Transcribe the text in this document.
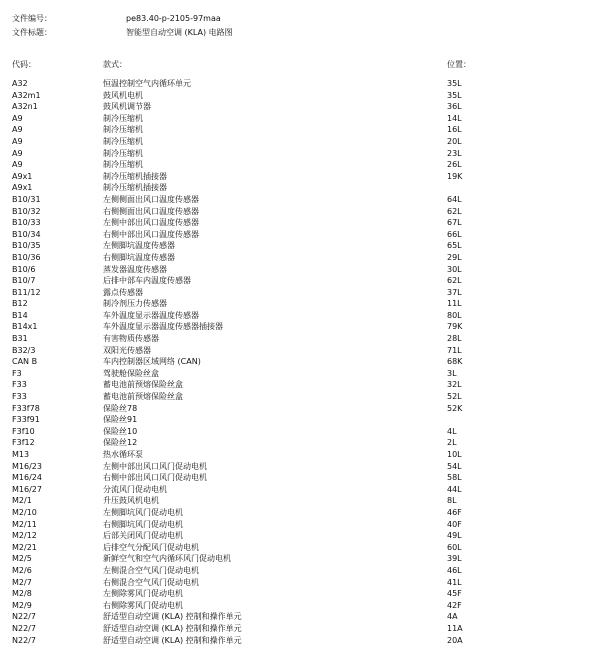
文件编号：	pe83.40-p-2105-97maa
文件标题：	智能型自动空调 (KLA) 电路图
代码：	款式：	位置：
A32	恒温控制空气内循环单元	35L
A32m1	鼓风机电机	35L
A32n1	鼓风机调节器	36L
A9	制冷压缩机	14L
A9	制冷压缩机	16L
A9	制冷压缩机	20L
A9	制冷压缩机	23L
A9	制冷压缩机	26L
A9x1	制冷压缩机插接器	19K
A9x1	制冷压缩机插接器
B10/31	左侧侧面出风口温度传感器	64L
B10/32	右侧侧面出风口温度传感器	62L
B10/33	左侧中部出风口温度传感器	67L
B10/34	右侧中部出风口温度传感器	66L
B10/35	左侧脚坑温度传感器	65L
B10/36	右侧脚坑温度传感器	29L
B10/6	蒸发器温度传感器	30L
B10/7	后排中部车内温度传感器	62L
B11/12	露点传感器	37L
B12	制冷剂压力传感器	11L
B14	车外温度显示器温度传感器	80L
B14x1	车外温度显示器温度传感器插接器	79K
B31	有害物质传感器	28L
B32/3	双阳光传感器	71L
CAN B	车内控制器区域网络 (CAN)	68K
F3	驾驶舱保险丝盒	3L
F33	蓄电池前预熔保险丝盒	32L
F33	蓄电池前预熔保险丝盒	52L
F33f78	保险丝78	52K
F33f91	保险丝91
F3f10	保险丝10	4L
F3f12	保险丝12	2L
M13	热水循环泵	10L
M16/23	左侧中部出风口风门促动电机	54L
M16/24	右侧中部出风口风门促动电机	58L
M16/27	分流风门促动电机	44L
M2/1	升压鼓风机电机	8L
M2/10	左侧脚坑风门促动电机	46F
M2/11	右侧脚坑风门促动电机	40F
M2/12	后部关闭风门促动电机	49L
M2/21	后排空气分配风门促动电机	60L
M2/5	新鲜空气和空气内循环风门促动电机	39L
M2/6	左侧混合空气风门促动电机	46L
M2/7	右侧混合空气风门促动电机	41L
M2/8	左侧除雾风门促动电机	45F
M2/9	右侧除雾风门促动电机	42F
N22/7	舒适型自动空调 (KLA) 控制和操作单元	4A
N22/7	舒适型自动空调 (KLA) 控制和操作单元	11A
N22/7	舒适型自动空调 (KLA) 控制和操作单元	20A
